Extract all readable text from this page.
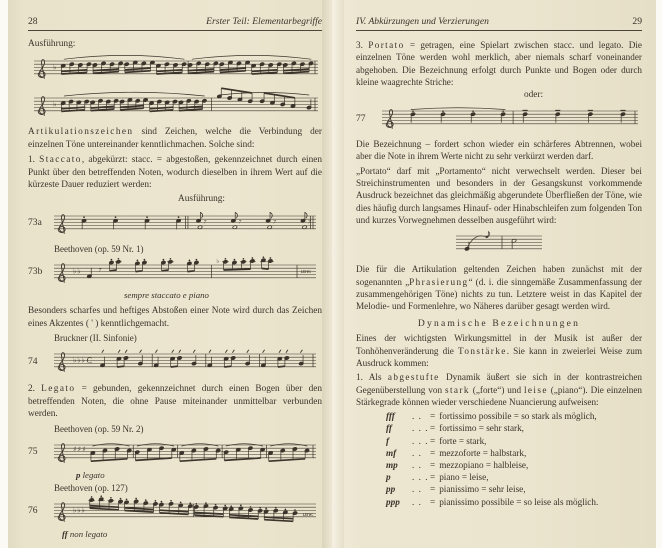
28	Erster Teil: Elementarbegriffe
Ausführung:
♭
♭

Artikulationszeichen sind Zeichen, welche die Verbindung der einzelnen Töne untereinander kenntlichmachen. Solche sind:

1. Staccato, abgekürzt: stacc. = abgestoßen, gekennzeichnet durch einen Punkt über den betreffenden Noten, wodurch dieselben in ihrem Wert auf die kürzeste Dauer reduziert werden:

Ausführung:
73a	7	7	7	7
Beethoven (op. 59 Nr. 1)
73b	♭ ♭	7
♭
usw.
sempre staccato e piano

Besonders scharfes und heftiges Abstoßen einer Note wird durch das Zeichen eines Akzentes ( ' ) kenntlichgemacht.

Bruckner (II. Sinfonie)
74	♭ ♭ ♭ C

2. Legato = gebunden, gekennzeichnet durch einen Bogen über den betreffenden Noten, die ohne Pause miteinander unmittelbar verbunden werden.

Beethoven (op. 59 Nr. 2)
75	♯ ♯ ♯
p legato
Beethoven (op. 127)
76	♭ ♭ ♭
usw.
ff non legato
IV. Abkürzungen und Verzierungen	29

3. Portato = getragen, eine Spielart zwischen stacc. und legato. Die einzelnen Töne werden wohl merklich, aber niemals scharf voneinander abgehoben. Die Bezeichnung erfolgt durch Punkte und Bogen oder durch kleine waagrechte Striche:

oder:
77

Die Bezeichnung – fordert schon wieder ein schärferes Abtrennen, wobei aber die Note in ihrem Werte nicht zu sehr verkürzt werden darf.

„Portato“ darf mit „Portamento“ nicht verwechselt werden. Dieser bei Streichinstrumenten und besonders in der Gesangskunst vorkommende Ausdruck bezeichnet das gleichmäßig abgerundete Überfließen der Töne, wie dies häufig durch langsames Hinauf- oder Hinabschleifen zum folgenden Ton und kurzes Vorwegnehmen desselben ausgeführt wird:

Die für die Artikulation geltenden Zeichen haben zunächst mit der sogenannten „Phrasierung“ (d. i. die sinngemäße Zusammenfassung der zusammengehörigen Töne) nichts zu tun. Letztere weist in das Kapitel der Melodie- und Formenlehre, wo Näheres darüber gesagt werden wird.

Dynamische Bezeichnungen

Eines der wichtigsten Wirkungsmittel in der Musik ist außer der Tonhöhenveränderung die Tonstärke. Sie kann in zweierlei Weise zum Ausdruck kommen:

1. Als abgestufte Dynamik äußert sie sich in der kontrastreichen Gegenüberstellung von stark („forte“) und leise („piano“). Die einzelnen Stärkegrade können wieder verschiedene Nuancierung aufweisen:

fff	. . = fortissimo possibile = so stark als möglich,
ff	. . . = fortissimo = sehr stark,
f	. . . = forte = stark,
mf	. . = mezzoforte = halbstark,
mp	. . = mezzopiano = halbleise,
p	. . . = piano = leise,
pp	. . = pianissimo = sehr leise,
ppp	. . = pianissimo possibile = so leise als möglich.
